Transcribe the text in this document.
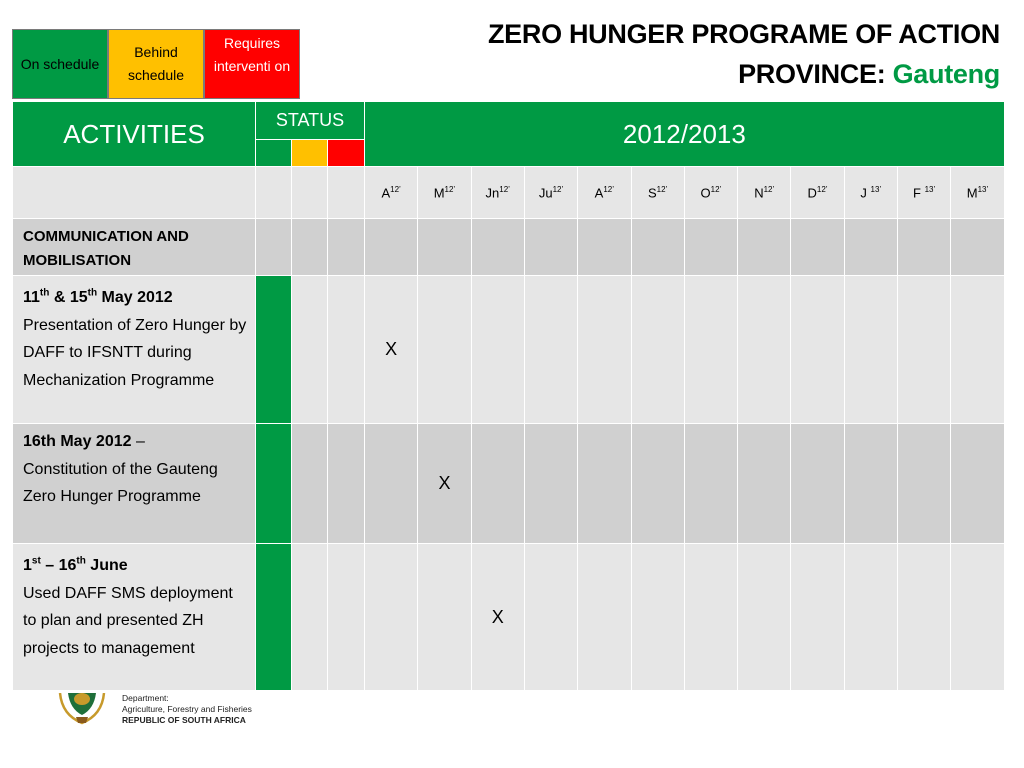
On schedule
Behind schedule
Requires interventi on
ZERO HUNGER PROGRAME OF ACTION
PROVINCE: Gauteng
ACTIVITIES	STATUS			2012/2013											

				$A^{12’}$	$M^{12’}$	$Jn^{12’}$	$Ju^{12’}$	$A^{12’}$	$S^{12’}$	$O^{12’}$	$N^{12’}$	$D^{12’}$	J $^{13’}$	F $^{13’}$	$M^{13’}$
COMMUNICATION AND MOBILISATION															
11th & 15th May 2012
Presentation of Zero Hunger by DAFF to IFSNTT during Mechanization Programme				X											
16th May 2012 –
Constitution of the Gauteng Zero Hunger Programme					X										
1st – 16th June
Used DAFF SMS deployment to plan and presented ZH projects to management						X									
Department:
Agriculture, Forestry and Fisheries
REPUBLIC OF SOUTH AFRICA
